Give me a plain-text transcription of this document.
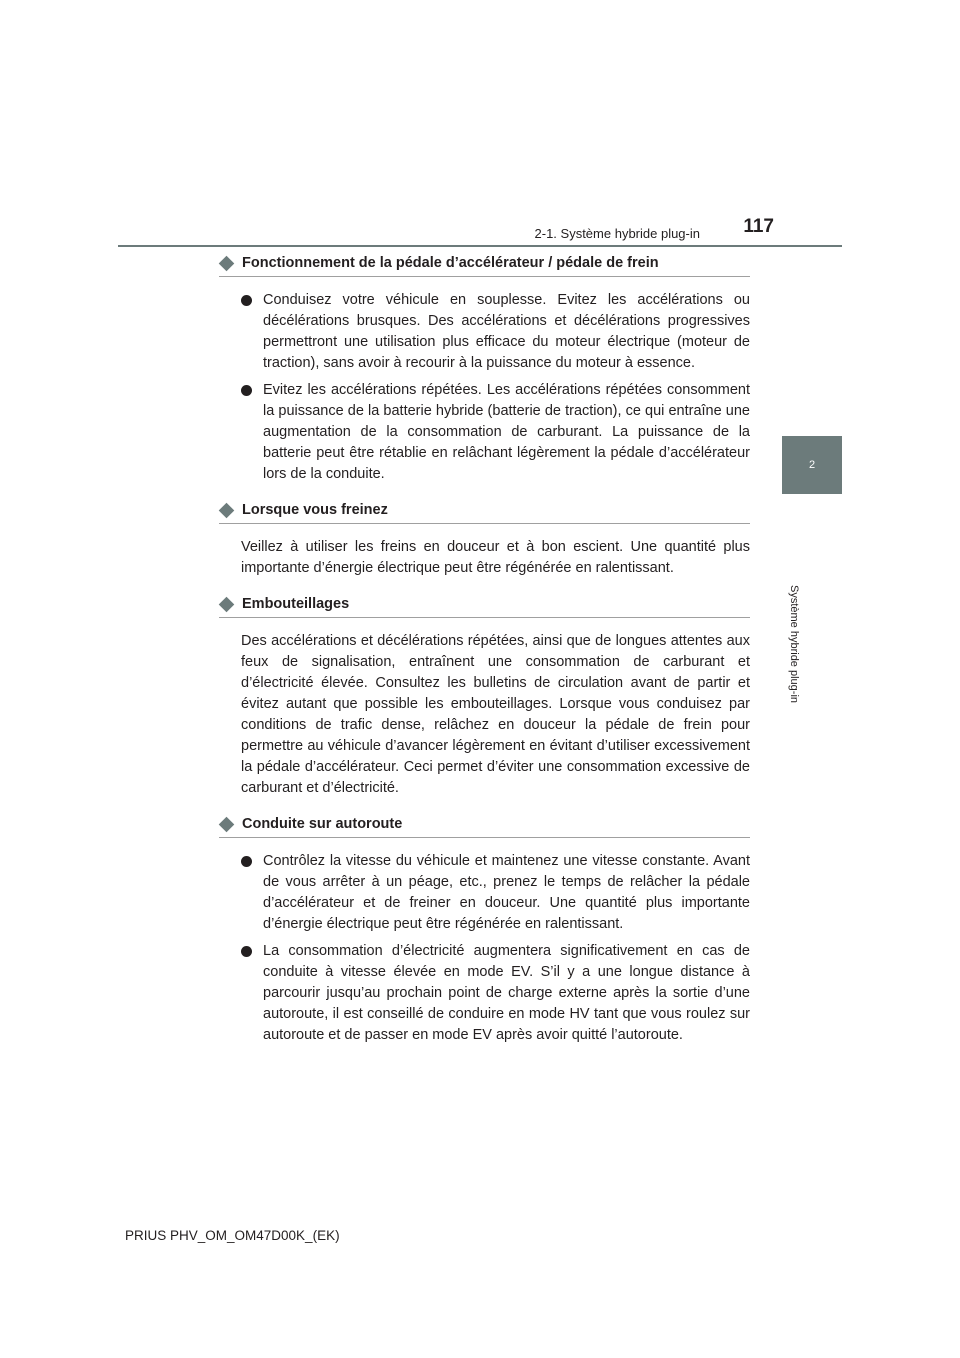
2-1. Système hybride plug-in	117
2
Système hybride plug-in
Fonctionnement de la pédale d’accélérateur / pédale de frein
Conduisez votre véhicule en souplesse. Evitez les accélérations ou décélérations brusques. Des accélérations et décélérations progressives permettront une utilisation plus efficace du moteur électrique (moteur de traction), sans avoir à recourir à la puissance du moteur à essence.
Evitez les accélérations répétées. Les accélérations répétées consomment la puissance de la batterie hybride (batterie de traction), ce qui entraîne une augmentation de la consommation de carburant. La puissance de la batterie peut être rétablie en relâchant légèrement la pédale d’accélérateur lors de la conduite.
Lorsque vous freinez
Veillez à utiliser les freins en douceur et à bon escient. Une quantité plus importante d’énergie électrique peut être régénérée en ralentissant.
Embouteillages
Des accélérations et décélérations répétées, ainsi que de longues attentes aux feux de signalisation, entraînent une consommation de carburant et d’électricité élevée. Consultez les bulletins de circulation avant de partir et évitez autant que possible les embouteillages. Lorsque vous conduisez par conditions de trafic dense, relâchez en douceur la pédale de frein pour permettre au véhicule d’avancer légèrement en évitant d’utiliser excessivement la pédale d’accélérateur. Ceci permet d’éviter une consommation excessive de carburant et d’électricité.
Conduite sur autoroute
Contrôlez la vitesse du véhicule et maintenez une vitesse constante. Avant de vous arrêter à un péage, etc., prenez le temps de relâcher la pédale d’accélérateur et de freiner en douceur. Une quantité plus importante d’énergie électrique peut être régénérée en ralentissant.
La consommation d’électricité augmentera significativement en cas de conduite à vitesse élevée en mode EV. S’il y a une longue distance à parcourir jusqu’au prochain point de charge externe après la sortie d’une autoroute, il est conseillé de conduire en mode HV tant que vous roulez sur autoroute et de passer en mode EV après avoir quitté l’autoroute.
PRIUS PHV_OM_OM47D00K_(EK)
